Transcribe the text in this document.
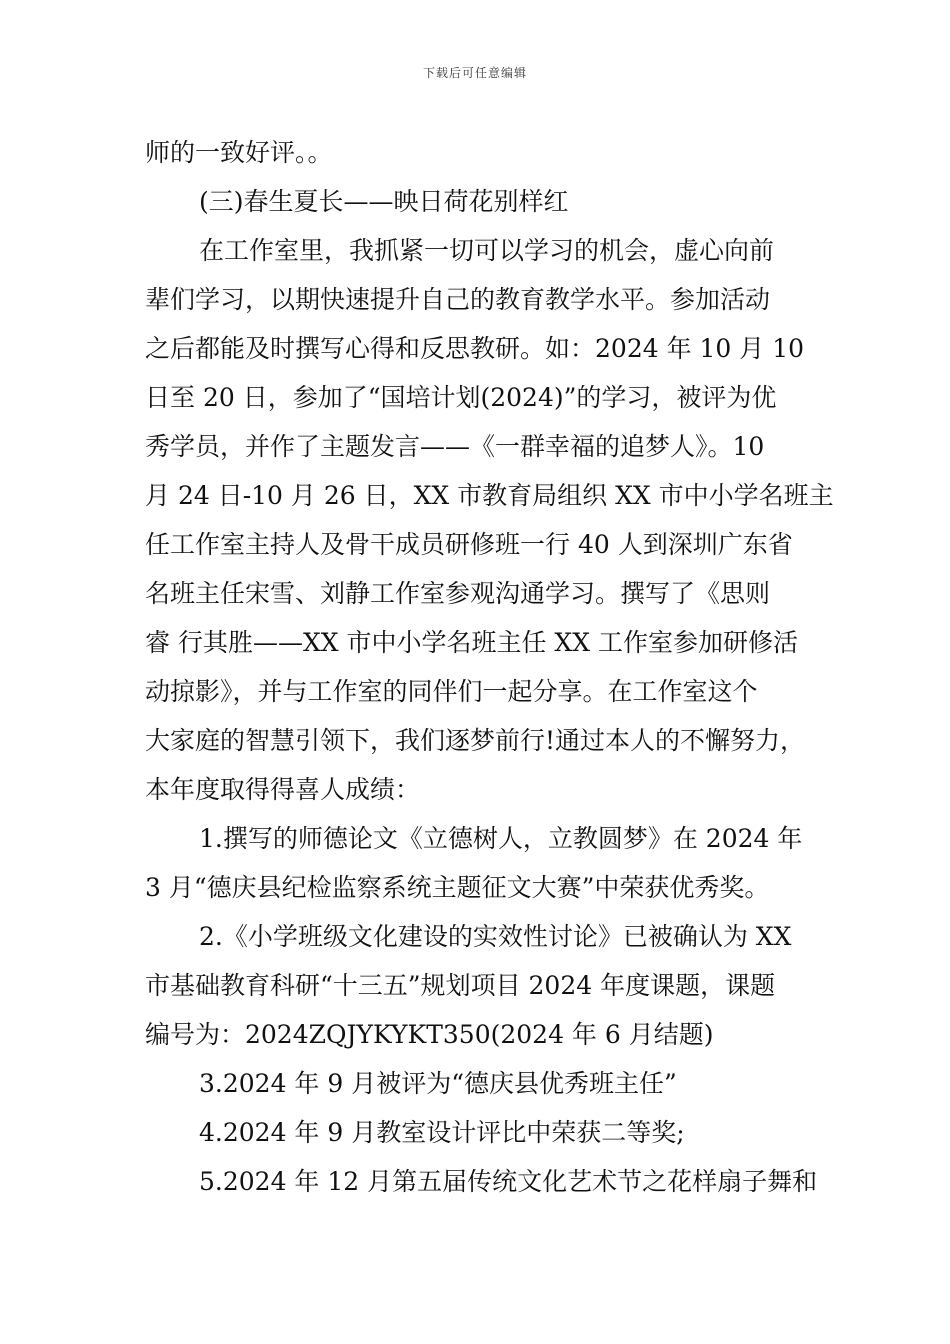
下载后可任意编辑
师的一致好评。。
(三)春生夏长——映日荷花别样红
在工作室里，我抓紧一切可以学习的机会，虚心向前
辈们学习，以期快速提升自己的教育教学水平。参加活动
之后都能及时撰写心得和反思教研。如：2024 年 10 月 10
日至 20 日，参加了“国培计划(2024)”的学习，被评为优
秀学员，并作了主题发言——《一群幸福的追梦人》。10
月 24 日-10 月 26 日，XX 市教育局组织 XX 市中小学名班主
任工作室主持人及骨干成员研修班一行 40 人到深圳广东省
名班主任宋雪、刘静工作室参观沟通学习。撰写了《思则
睿 行其胜——XX 市中小学名班主任 XX 工作室参加研修活
动掠影》，并与工作室的同伴们一起分享。在工作室这个
大家庭的智慧引领下，我们逐梦前行!通过本人的不懈努力，
本年度取得得喜人成绩：
1.撰写的师德论文《立德树人，立教圆梦》在 2024 年
3 月“德庆县纪检监察系统主题征文大赛”中荣获优秀奖。
2.《小学班级文化建设的实效性讨论》已被确认为 XX
市基础教育科研“十三五”规划项目 2024 年度课题，课题
编号为：2024ZQJYKYKT350(2024 年 6 月结题)
3.2024 年 9 月被评为“德庆县优秀班主任”
4.2024 年 9 月教室设计评比中荣获二等奖;
5.2024 年 12 月第五届传统文化艺术节之花样扇子舞和
